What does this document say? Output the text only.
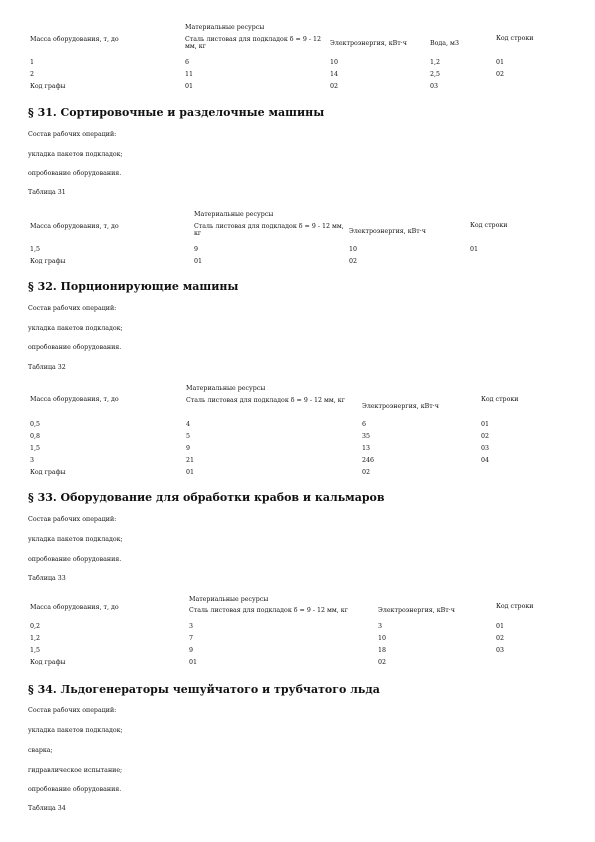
Материальные ресурсы
Масса оборудования, т, до	Сталь листовая для подкладок δ = 9 - 12 мм, кг	Электроэнергия, кВт·ч	Вода, м3
Код строки
1	6	10	1,2	01
2	11	14	2,5	02
Код графы	01	02	03
§ 31. Сортировочные и разделочные машины
Состав рабочих операций:
укладка пакетов подкладок;
опробование оборудования.
Таблица 31
Материальные ресурсы
Масса оборудования, т, до	Сталь листовая для подкладок δ = 9 - 12 мм, кг	Электроэнергия, кВт·ч
Код строки
1,5	9	10	01
Код графы	01	02
§ 32. Порционирующие машины
Состав рабочих операций:
укладка пакетов подкладок;
опробование оборудования.
Таблица 32
Материальные ресурсы
Масса оборудования, т, до	Сталь листовая для подкладок δ = 9 - 12 мм, кг
Электроэнергия, кВт·ч
Код строки
0,5	4	6	01
0,8	5	35	02
1,5	9	13	03
3	21	246	04
Код графы	01	02
§ 33. Оборудование для обработки крабов и кальмаров
Состав рабочих операций:
укладка пакетов подкладок;
опробование оборудования.
Таблица 33
Материальные ресурсы
Масса оборудования, т, до	Сталь листовая для подкладок δ = 9 - 12 мм, кг	Электроэнергия, кВт·ч
Код строки
0,2	3	3	01
1,2	7	10	02
1,5	9	18	03
Код графы	01	02
§ 34. Льдогенераторы чешуйчатого и трубчатого льда
Состав рабочих операций:
укладка пакетов подкладок;
сварка;
гидравлическое испытание;
опробование оборудования.
Таблица 34
